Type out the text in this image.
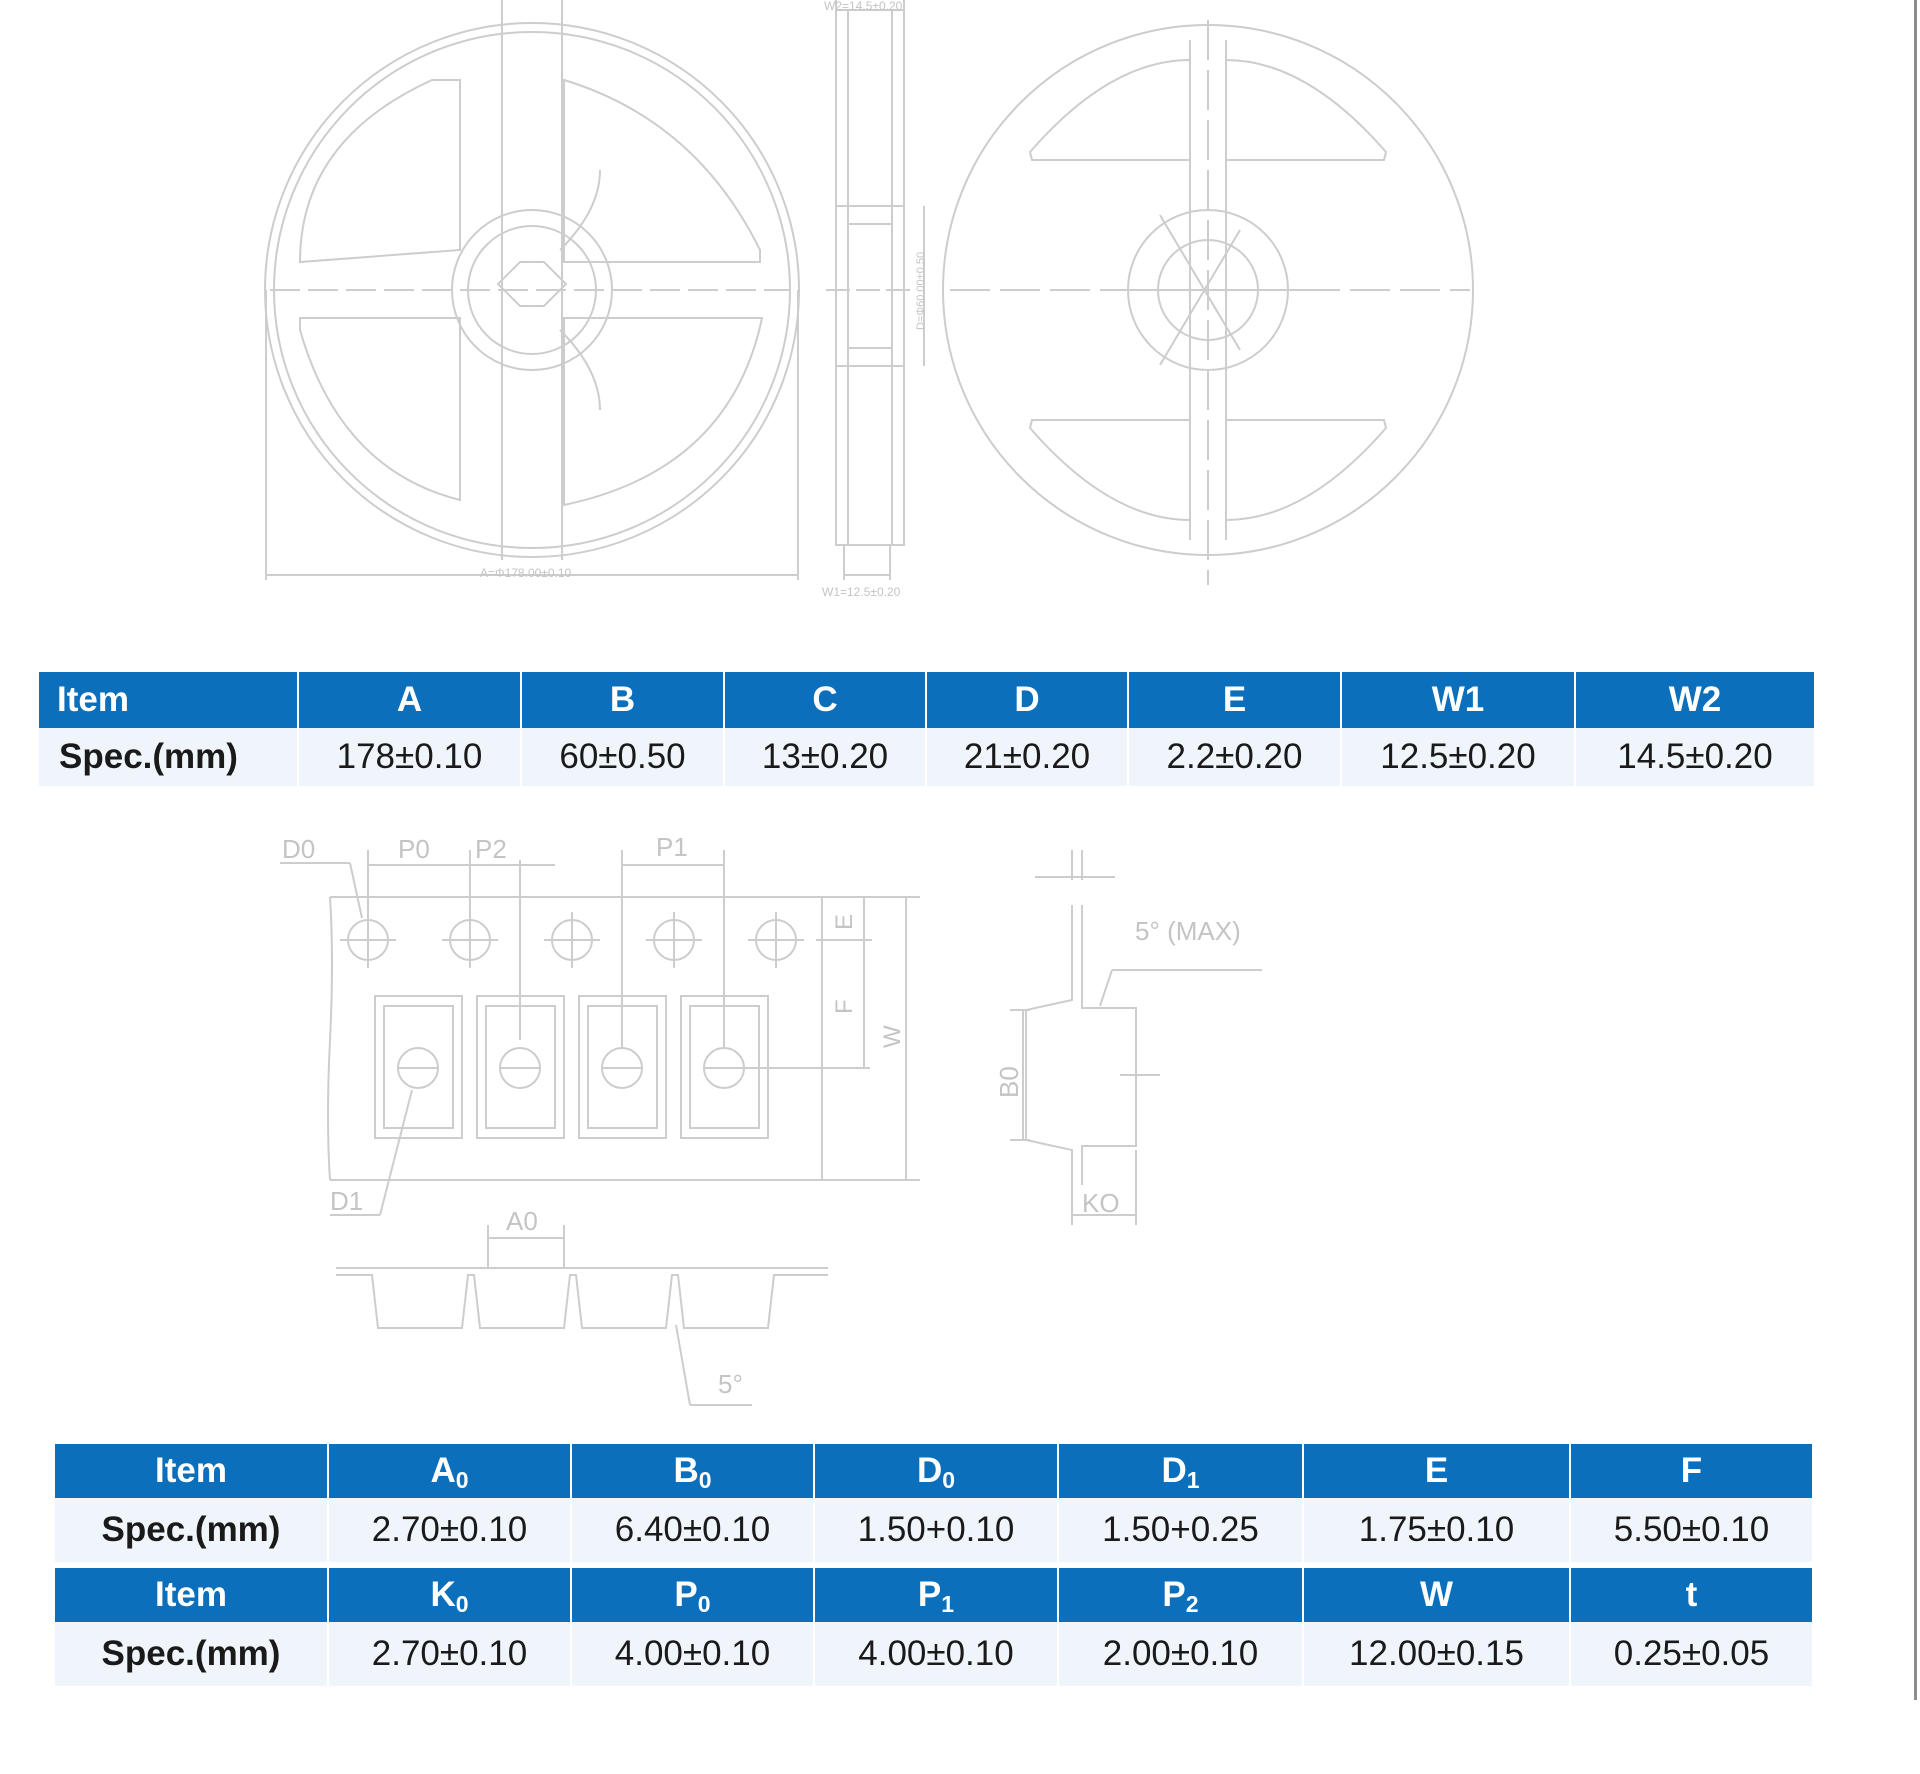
A=Φ178.00±0.10
W1=12.5±0.20
W2=14.5±0.20
D=Φ60.00±0.50
D0	P0 P2	P1
E
F
W
D1
A0
B0
KO
5° (MAX)
5°
Item	A	B	C	D	E	W1	W2
Spec.(mm)	178±0.10	60±0.50	13±0.20	21±0.20	2.2±0.20	12.5±0.20	14.5±0.20
Item	$A_0$	$B_0$	$D_0$	$D_1$	E	F
Spec.(mm)	2.70±0.10	6.40±0.10	1.50+0.10	1.50+0.25	1.75±0.10	5.50±0.10

Item	$K_0$	$P_0$	$P_1$	$P_2$	W	t
Spec.(mm)	2.70±0.10	4.00±0.10	4.00±0.10	2.00±0.10	12.00±0.15	0.25±0.05
